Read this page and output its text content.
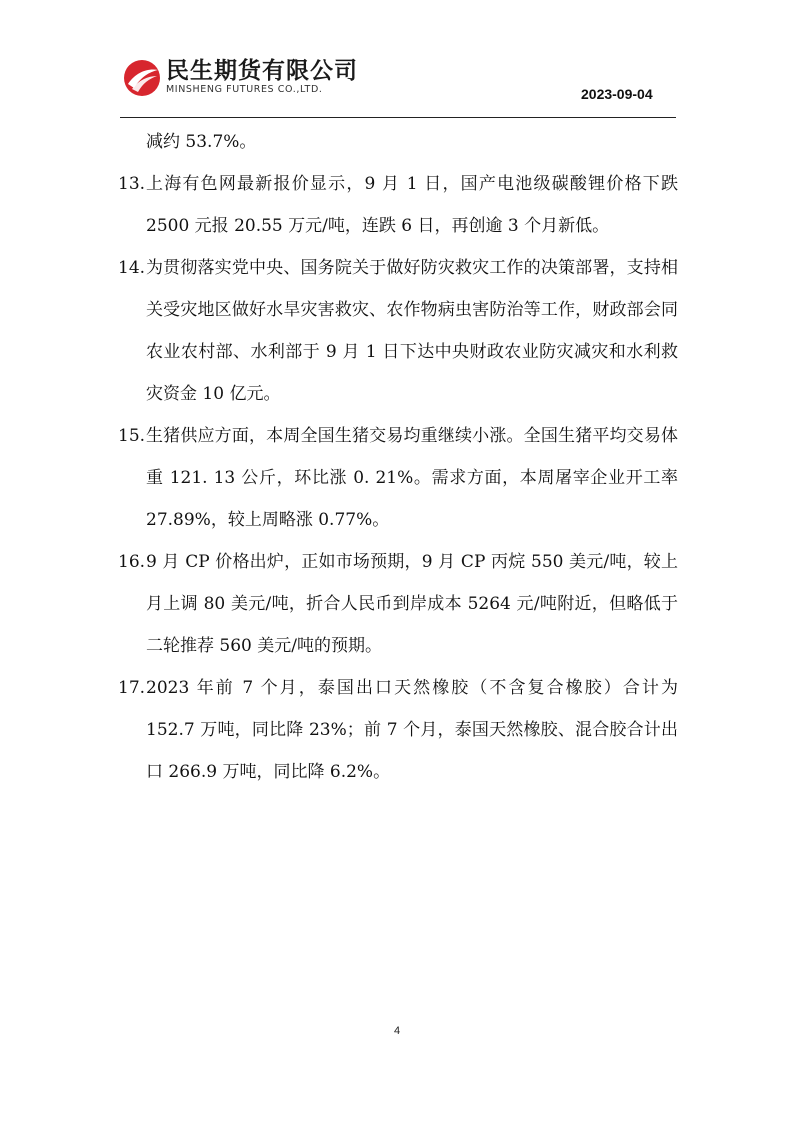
民生期货有限公司
MINSHENG FUTURES CO.,LTD.	2023-09-04
减约 53.7%。
13. 上海有色网最新报价显示，9 月 1 日，国产电池级碳酸锂价格下跌 2500 元报 20.55 万元/吨，连跌 6 日，再创逾 3 个月新低。
14. 为贯彻落实党中央、国务院关于做好防灾救灾工作的决策部署，支持相关受灾地区做好水旱灾害救灾、农作物病虫害防治等工作，财政部会同农业农村部、水利部于 9 月 1 日下达中央财政农业防灾减灾和水利救灾资金 10 亿元。
15. 生猪供应方面，本周全国生猪交易均重继续小涨。全国生猪平均交易体重 121. 13 公斤，环比涨 0. 21%。需求方面，本周屠宰企业开工率 27.89%，较上周略涨 0.77%。
16. 9 月 CP 价格出炉，正如市场预期，9 月 CP 丙烷 550 美元/吨，较上月上调 80 美元/吨，折合人民币到岸成本 5264 元/吨附近，但略低于二轮推荐 560 美元/吨的预期。
17. 2023 年前 7 个月，泰国出口天然橡胶（不含复合橡胶）合计为 152.7 万吨，同比降 23%；前 7 个月，泰国天然橡胶、混合胶合计出口 266.9 万吨，同比降 6.2%。
4
